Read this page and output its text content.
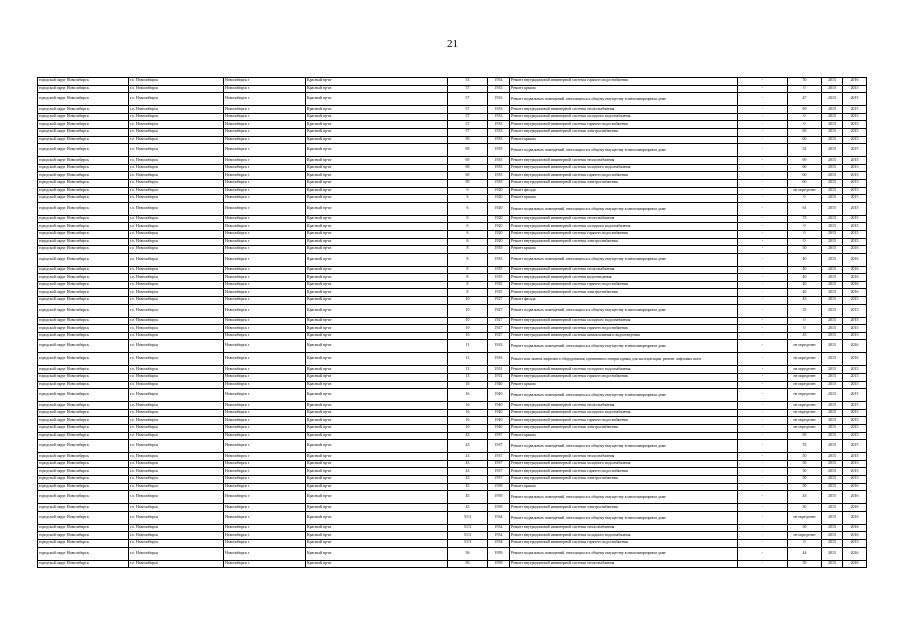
21
городской округ Новосибирск	г.о. Новосибирск	Новосибирск г	Красный пр-кт	33	1954	Ремонт внутридомовой инженерной системы горячего водоснабжения	-	50	2015	2016
городской округ Новосибирск	г.о. Новосибирск	Новосибирск г	Красный пр-кт	57	1933	Ремонт крыши	-	0	2015	2015
городской округ Новосибирск	г.о. Новосибирск	Новосибирск г	Красный пр-кт	57	1933	Ремонт подвальных помещений, относящихся к общему имуществу в многоквартирном доме	-	47	2015	2015
городской округ Новосибирск	г.о. Новосибирск	Новосибирск г	Красный пр-кт	57	1933	Ремонт внутридомовой инженерной системы теплоснабжения	-	69	2015	2015
городской округ Новосибирск	г.о. Новосибирск	Новосибирск г	Красный пр-кт	57	1933	Ремонт внутридомовой инженерной системы холодного водоснабжения	-	0	2015	2015
городской округ Новосибирск	г.о. Новосибирск	Новосибирск г	Красный пр-кт	57	1933	Ремонт внутридомовой инженерной системы горячего водоснабжения	-	0	2015	2015
городской округ Новосибирск	г.о. Новосибирск	Новосибирск г	Красный пр-кт	57	1933	Ремонт внутридомовой инженерной системы электроснабжения	-	69	2015	2015
городской округ Новосибирск	г.о. Новосибирск	Новосибирск г	Красный пр-кт	69	1935	Ремонт крыши	-	60	2015	2015
городской округ Новосибирск	г.о. Новосибирск	Новосибирск г	Красный пр-кт	69	1935	Ремонт подвальных помещений, относящихся к общему имуществу в многоквартирном доме	-	52	2015	2015
городской округ Новосибирск	г.о. Новосибирск	Новосибирск г	Красный пр-кт	69	1935	Ремонт внутридомовой инженерной системы теплоснабжения	-	69	2015	2015
городской округ Новосибирск	г.о. Новосибирск	Новосибирск г	Красный пр-кт	69	1935	Ремонт внутридомовой инженерной системы холодного водоснабжения	-	60	2015	2015
городской округ Новосибирск	г.о. Новосибирск	Новосибирск г	Красный пр-кт	69	1935	Ремонт внутридомовой инженерной системы горячего водоснабжения	-	60	2015	2015
городской округ Новосибирск	г.о. Новосибирск	Новосибирск г	Красный пр-кт	69	1935	Ремонт внутридомовой инженерной системы электроснабжения	-	60	2015	2015
городской округ Новосибирск	г.о. Новосибирск	Новосибирск г	Красный пр-кт	6	1920	Ремонт фасада	-	не определен	2015	2015
городской округ Новосибирск	г.о. Новосибирск	Новосибирск г	Красный пр-кт	6	1920	Ремонт крыши	-	0	2015	2015
городской округ Новосибирск	г.о. Новосибирск	Новосибирск г	Красный пр-кт	6	1920	Ремонт подвальных помещений, относящихся к общему имуществу в многоквартирном доме	-	61	2015	2015
городской округ Новосибирск	г.о. Новосибирск	Новосибирск г	Красный пр-кт	6	1920	Ремонт внутридомовой инженерной системы теплоснабжения	-	75	2015	2015
городской округ Новосибирск	г.о. Новосибирск	Новосибирск г	Красный пр-кт	6	1920	Ремонт внутридомовой инженерной системы холодного водоснабжения	-	0	2015	2015
городской округ Новосибирск	г.о. Новосибирск	Новосибирск г	Красный пр-кт	6	1920	Ремонт внутридомовой инженерной системы горячего водоснабжения	-	0	2015	2015
городской округ Новосибирск	г.о. Новосибирск	Новосибирск г	Красный пр-кт	6	1920	Ремонт внутридомовой инженерной системы электроснабжения	-	0	2015	2015
городской округ Новосибирск	г.о. Новосибирск	Новосибирск г	Красный пр-кт	8	1935	Ремонт крыши	-	50	2015	2016
городской округ Новосибирск	г.о. Новосибирск	Новосибирск г	Красный пр-кт	8	1935	Ремонт подвальных помещений, относящихся к общему имуществу в многоквартирном доме	-	40	2015	2016
городской округ Новосибирск	г.о. Новосибирск	Новосибирск г	Красный пр-кт	8	1935	Ремонт внутридомовой инженерной системы теплоснабжения	-	40	2015	2016
городской округ Новосибирск	г.о. Новосибирск	Новосибирск г	Красный пр-кт	8	1935	Ремонт внутридомовой инженерной системы водоотведения	-	40	2015	2016
городской округ Новосибирск	г.о. Новосибирск	Новосибирск г	Красный пр-кт	8	1935	Ремонт внутридомовой инженерной системы горячего водоснабжения	-	40	2015	2016
городской округ Новосибирск	г.о. Новосибирск	Новосибирск г	Красный пр-кт	8	1935	Ремонт внутридомовой инженерной системы электроснабжения	-	40	2015	2016
городской округ Новосибирск	г.о. Новосибирск	Новосибирск г	Красный пр-кт	10	1927	Ремонт фасада	-	45	2015	2015
городской округ Новосибирск	г.о. Новосибирск	Новосибирск г	Красный пр-кт	10	1927	Ремонт подвальных помещений, относящихся к общему имуществу в многоквартирном доме	-	55	2015	2015
городской округ Новосибирск	г.о. Новосибирск	Новосибирск г	Красный пр-кт	10	1927	Ремонт внутридомовой инженерной системы холодного водоснабжения	-	0	2015	2015
городской округ Новосибирск	г.о. Новосибирск	Новосибирск г	Красный пр-кт	10	1927	Ремонт внутридомовой инженерной системы горячего водоснабжения	-	0	2015	2015
городской округ Новосибирск	г.о. Новосибирск	Новосибирск г	Красный пр-кт	10	1927	Ремонт внутридомовой инженерной системы канализования и водоотведения	-	45	2015	2015
городской округ Новосибирск	г.о. Новосибирск	Новосибирск г	Красный пр-кт	11	1933	Ремонт подвальных помещений, относящихся к общему имуществу в многоквартирном доме	-	не определен	2015	2016
городской округ Новосибирск	г.о. Новосибирск	Новосибирск г	Красный пр-кт	11	1933	Ремонт или замена лифтового оборудования, признанного непригодным для эксплуатации, ремонт лифтовых шахт	-	не определен	2015	2016
городской округ Новосибирск	г.о. Новосибирск	Новосибирск г	Красный пр-кт	13	1931	Ремонт внутридомовой инженерной системы холодного водоснабжения	-	не определен	2015	2015
городской округ Новосибирск	г.о. Новосибирск	Новосибирск г	Красный пр-кт	13	1931	Ремонт внутридомовой инженерной системы горячего водоснабжения	-	не определен	2015	2015
городской округ Новосибирск	г.о. Новосибирск	Новосибирск г	Красный пр-кт	16	1940	Ремонт крыши	-	не определен	2015	2015
городской округ Новосибирск	г.о. Новосибирск	Новосибирск г	Красный пр-кт	16	1940	Ремонт подвальных помещений, относящихся к общему имуществу в многоквартирном доме	-	не определен	2015	2015
городской округ Новосибирск	г.о. Новосибирск	Новосибирск г	Красный пр-кт	16	1940	Ремонт внутридомовой инженерной системы теплоснабжения	-	не определен	2015	2015
городской округ Новосибирск	г.о. Новосибирск	Новосибирск г	Красный пр-кт	16	1940	Ремонт внутридомовой инженерной системы холодного водоснабжения	-	не определен	2015	2015
городской округ Новосибирск	г.о. Новосибирск	Новосибирск г	Красный пр-кт	16	1940	Ремонт внутридомовой инженерной системы горячего водоснабжения	-	не определен	2015	2015
городской округ Новосибирск	г.о. Новосибирск	Новосибирск г	Красный пр-кт	16	1940	Ремонт внутридомовой инженерной системы электроснабжения	-	не определен	2015	2015
городской округ Новосибирск	г.о. Новосибирск	Новосибирск г	Красный пр-кт	43	1937	Ремонт крыши	-	69	2015	2015
городской округ Новосибирск	г.о. Новосибирск	Новосибирск г	Красный пр-кт	43	1937	Ремонт подвальных помещений, относящихся к общему имуществу в многоквартирном доме	-	55	2015	2015
городской округ Новосибирск	г.о. Новосибирск	Новосибирск г	Красный пр-кт	43	1937	Ремонт внутридомовой инженерной системы теплоснабжения	-	50	2015	2015
городской округ Новосибирск	г.о. Новосибирск	Новосибирск г	Красный пр-кт	43	1937	Ремонт внутридомовой инженерной системы холодного водоснабжения	-	50	2015	2015
городской округ Новосибирск	г.о. Новосибирск	Новосибирск г	Красный пр-кт	43	1937	Ремонт внутридомовой инженерной системы горячего водоснабжения	-	50	2015	2015
городской округ Новосибирск	г.о. Новосибирск	Новосибирск г	Красный пр-кт	43	1937	Ремонт внутридомовой инженерной системы электроснабжения	-	50	2015	2015
городской округ Новосибирск	г.о. Новосибирск	Новосибирск г	Красный пр-кт	45	1939	Ремонт крыши	-	50	2015	2016
городской округ Новосибирск	г.о. Новосибирск	Новосибирск г	Красный пр-кт	45	1939	Ремонт подвальных помещений, относящихся к общему имуществу в многоквартирном доме	-	43	2015	2016
городской округ Новосибирск	г.о. Новосибирск	Новосибирск г	Красный пр-кт	45	1939	Ремонт внутридомовой инженерной системы электроснабжения	-	30	2015	2016
городской округ Новосибирск	г.о. Новосибирск	Новосибирск г	Красный пр-кт	51/3	1934	Ремонт подвальных помещений, относящихся к общему имуществу в многоквартирном доме	-	не определен	2015	2016
городской округ Новосибирск	г.о. Новосибирск	Новосибирск г	Красный пр-кт	51/3	1934	Ремонт внутридомовой инженерной системы теплоснабжения	-	50	2015	2016
городской округ Новосибирск	г.о. Новосибирск	Новосибирск г	Красный пр-кт	51/3	1934	Ремонт внутридомовой инженерной системы холодного водоснабжения	-	не определен	2015	2016
городской округ Новосибирск	г.о. Новосибирск	Новосибирск г	Красный пр-кт	51/3	1934	Ремонт внутридомовой инженерной системы горячего водоснабжения	-	0	2015	2015
городской округ Новосибирск	г.о. Новосибирск	Новосибирск г	Красный пр-кт	56	1939	Ремонт подвальных помещений, относящихся к общему имуществу в многоквартирном доме	-	44	2015	2016
городской округ Новосибирск	г.о. Новосибирск	Новосибирск г	Красный пр-кт	56	1939	Ремонт внутридомовой инженерной системы теплоснабжения	-	39	2015	2016
